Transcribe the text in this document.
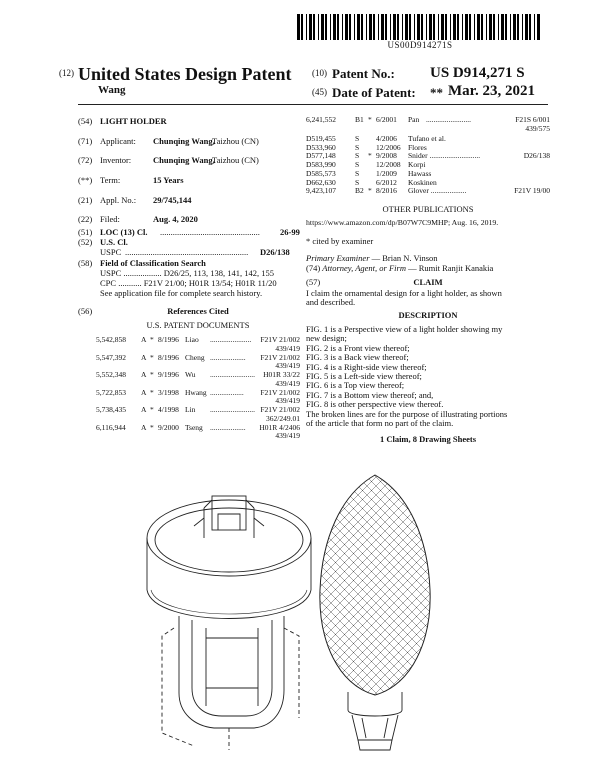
US00D914271S
(12) United States Design Patent
Wang
(10) Patent No.: US D914,271 S
(45) Date of Patent: ** Mar. 23, 2021
(54) LIGHT HOLDER
(71) Applicant: Chunqing Wang,
Taizhou (CN)
(72) Inventor:	Chunqing Wang,
Taizhou (CN)
(**) Term:	15 Years
(21) Appl. No.: 29/745,144
(22) Filed:	Aug. 4, 2020
(51) LOC (13) Cl. ............................................... 26-99
(52) U.S. Cl.
USPC .......................................................... D26/138
(58) Field of Classification Search
USPC .................. D26/25, 113, 138, 141, 142, 155
CPC ........... F21V 21/00; H01R 13/54; H01R 11/20
See application file for complete search history.
(56)	References Cited
U.S. PATENT DOCUMENTS
5,542,858 A * 8/1996 Liao ......................	F21V 21/002
439/419
5,547,392 A * 8/1996 Cheng ...................	F21V 21/002
439/419
5,552,348 A * 9/1996 Wu ........................	H01R 33/22
439/419
5,722,853 A * 3/1998 Hwang ..................	F21V 21/002
439/419
5,738,435 A * 4/1998 Lin ........................ F21V 21/002
362/249.01
6,116,944 A * 9/2000 Tseng ...................	H01R 4/2406
439/419
6,241,552	B1 * 6/2001 Pan ........................	F21S 6/001
439/575
D519,455	S 4/2006 Tufano et al.
D533,960	S 12/2006 Flores
D577,148	S * 9/2008 Snider ...........................	D26/138
D583,990	S 12/2008 Korpi
D585,573	S 1/2009 Hawass
D662,630	S 6/2012 Koskinen
9,423,107	B2 * 8/2016 Glover ...................	F21V 19/00
OTHER PUBLICATIONS
https://www.amazon.com/dp/B07W7C9MHP; Aug. 16, 2019.
* cited by examiner
Primary Examiner — Brian N. Vinson
(74) Attorney, Agent, or Firm — Rumit Ranjit Kanakia
(57)	CLAIM
I claim the ornamental design for a light holder, as shown
and described.
DESCRIPTION
FIG. 1 is a Perspective view of a light holder showing my
new design;
FIG. 2 is a Front view thereof;
FIG. 3 is a Back view thereof;
FIG. 4 is a Right-side view thereof;
FIG. 5 is a Left-side view thereof;
FIG. 6 is a Top view thereof;
FIG. 7 is a Bottom view thereof; and,
FIG. 8 is other perspective view thereof.
The broken lines are for the purpose of illustrating portions
of the article that form no part of the claim.
1 Claim, 8 Drawing Sheets
